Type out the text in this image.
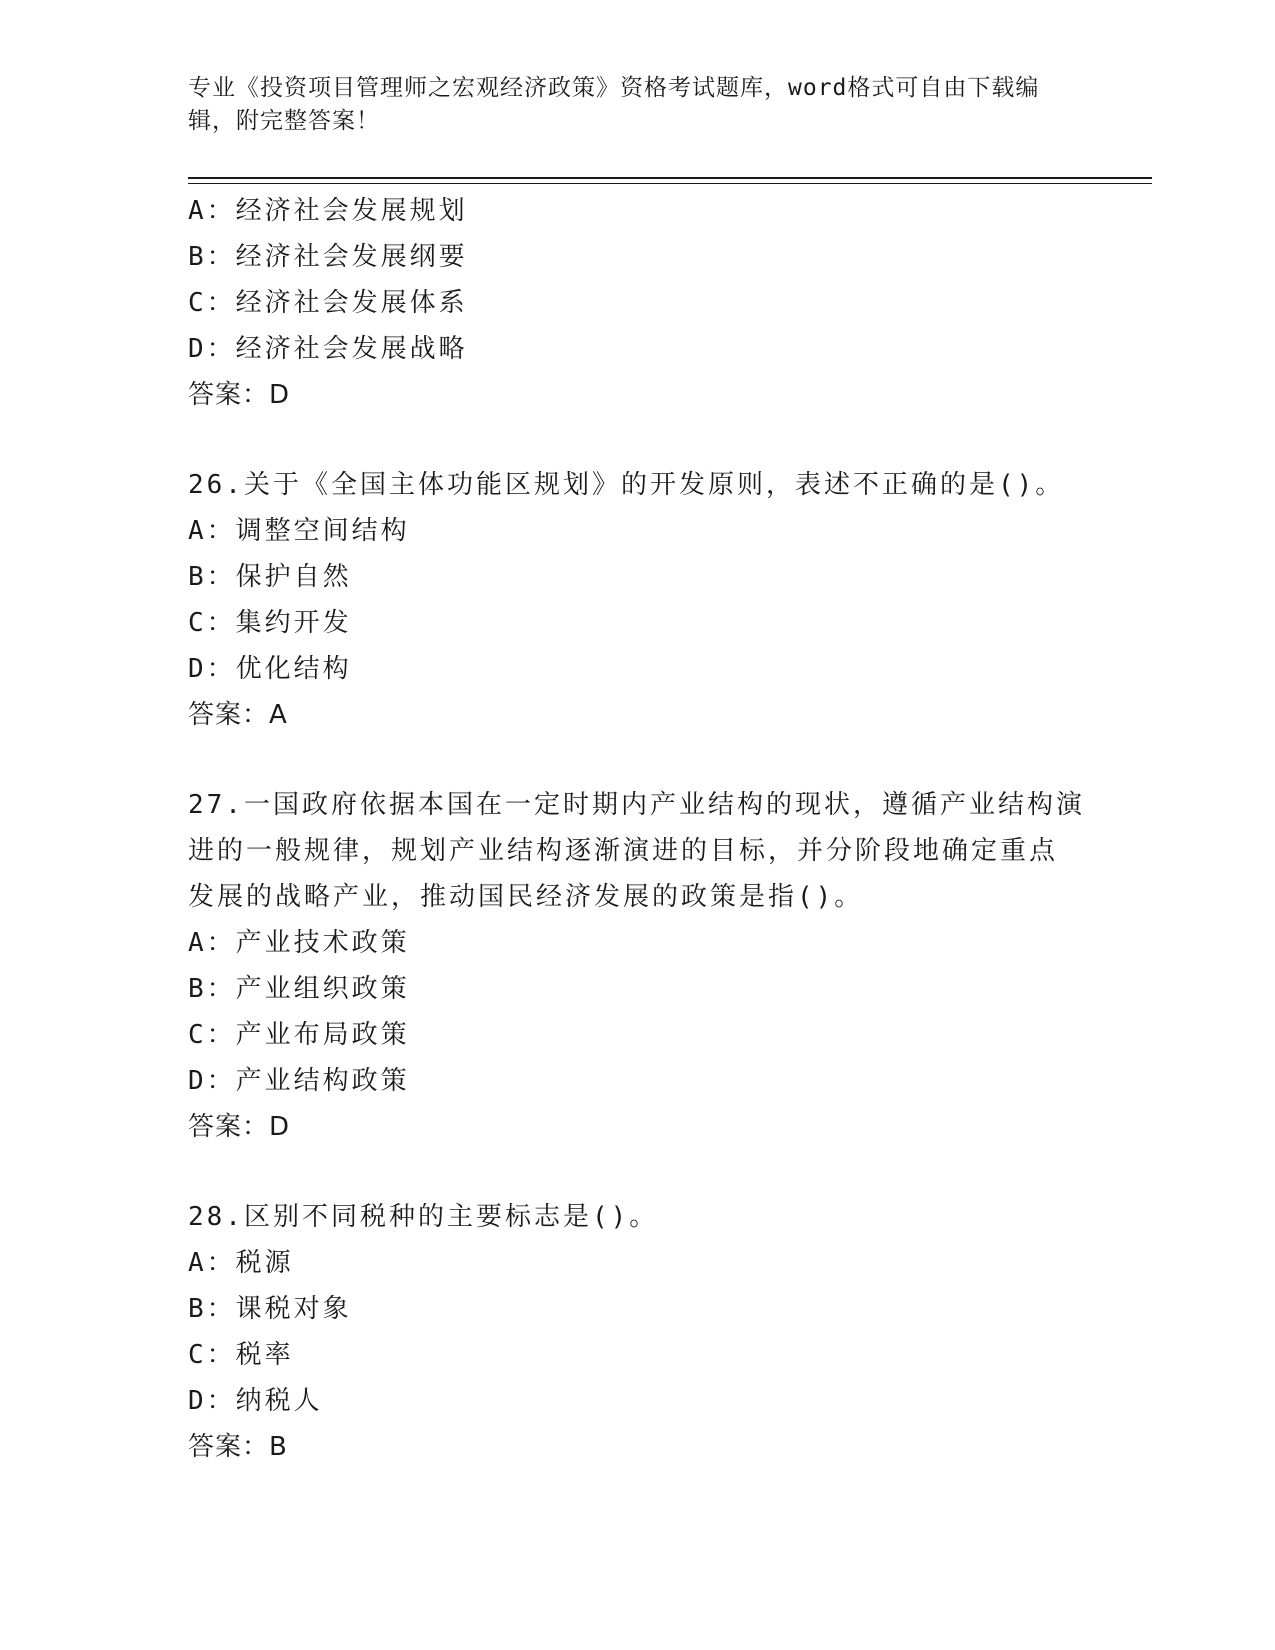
专业《投资项目管理师之宏观经济政策》资格考试题库，word格式可自由下载编
辑，附完整答案！
A：经济社会发展规划
B：经济社会发展纲要
C：经济社会发展体系
D：经济社会发展战略
答案：D
26.关于《全国主体功能区规划》的开发原则，表述不正确的是()。
A：调整空间结构
B：保护自然
C：集约开发
D：优化结构
答案：A
27.一国政府依据本国在一定时期内产业结构的现状，遵循产业结构演
进的一般规律，规划产业结构逐渐演进的目标，并分阶段地确定重点
发展的战略产业，推动国民经济发展的政策是指()。
A：产业技术政策
B：产业组织政策
C：产业布局政策
D：产业结构政策
答案：D
28.区别不同税种的主要标志是()。
A：税源
B：课税对象
C：税率
D：纳税人
答案：B
